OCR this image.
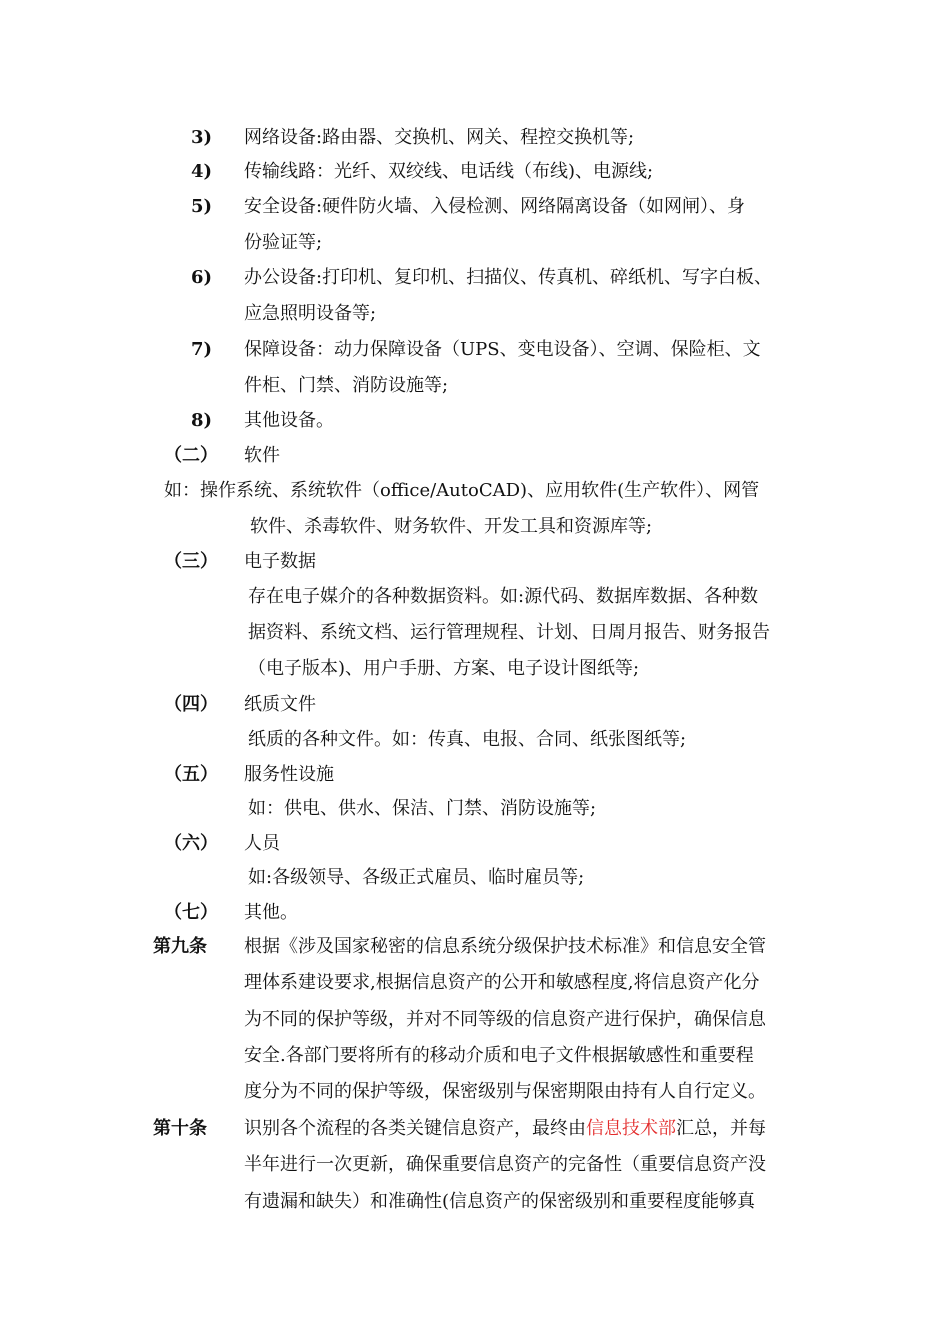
3) 网络设备:路由器、交换机、网关、程控交换机等;
4) 传输线路：光纤、双绞线、电话线（布线)、电源线;
5) 安全设备:硬件防火墙、入侵检测、网络隔离设备（如网闸）、身
份验证等;
6) 办公设备:打印机、复印机、扫描仪、传真机、碎纸机、写字白板、
应急照明设备等;
7) 保障设备：动力保障设备（UPS、变电设备）、空调、保险柜、文
件柜、门禁、消防设施等;
8) 其他设备。
（二） 软件
如：操作系统、系统软件（office/AutoCAD)、应用软件(生产软件）、网管
软件、杀毒软件、财务软件、开发工具和资源库等;
（三） 电子数据
存在电子媒介的各种数据资料。如:源代码、数据库数据、各种数
据资料、系统文档、运行管理规程、计划、日周月报告、财务报告
（电子版本)、用户手册、方案、电子设计图纸等;
（四） 纸质文件
纸质的各种文件。如：传真、电报、合同、纸张图纸等;
（五） 服务性设施
如：供电、供水、保洁、门禁、消防设施等;
（六） 人员
如:各级领导、各级正式雇员、临时雇员等;
（七） 其他。
第九条 根据《涉及国家秘密的信息系统分级保护技术标准》和信息安全管
理体系建设要求,根据信息资产的公开和敏感程度,将信息资产化分
为不同的保护等级，并对不同等级的信息资产进行保护，确保信息
安全.各部门要将所有的移动介质和电子文件根据敏感性和重要程
度分为不同的保护等级，保密级别与保密期限由持有人自行定义。
第十条 识别各个流程的各类关键信息资产，最终由信息技术部汇总，并每
半年进行一次更新，确保重要信息资产的完备性（重要信息资产没
有遗漏和缺失）和准确性(信息资产的保密级别和重要程度能够真
